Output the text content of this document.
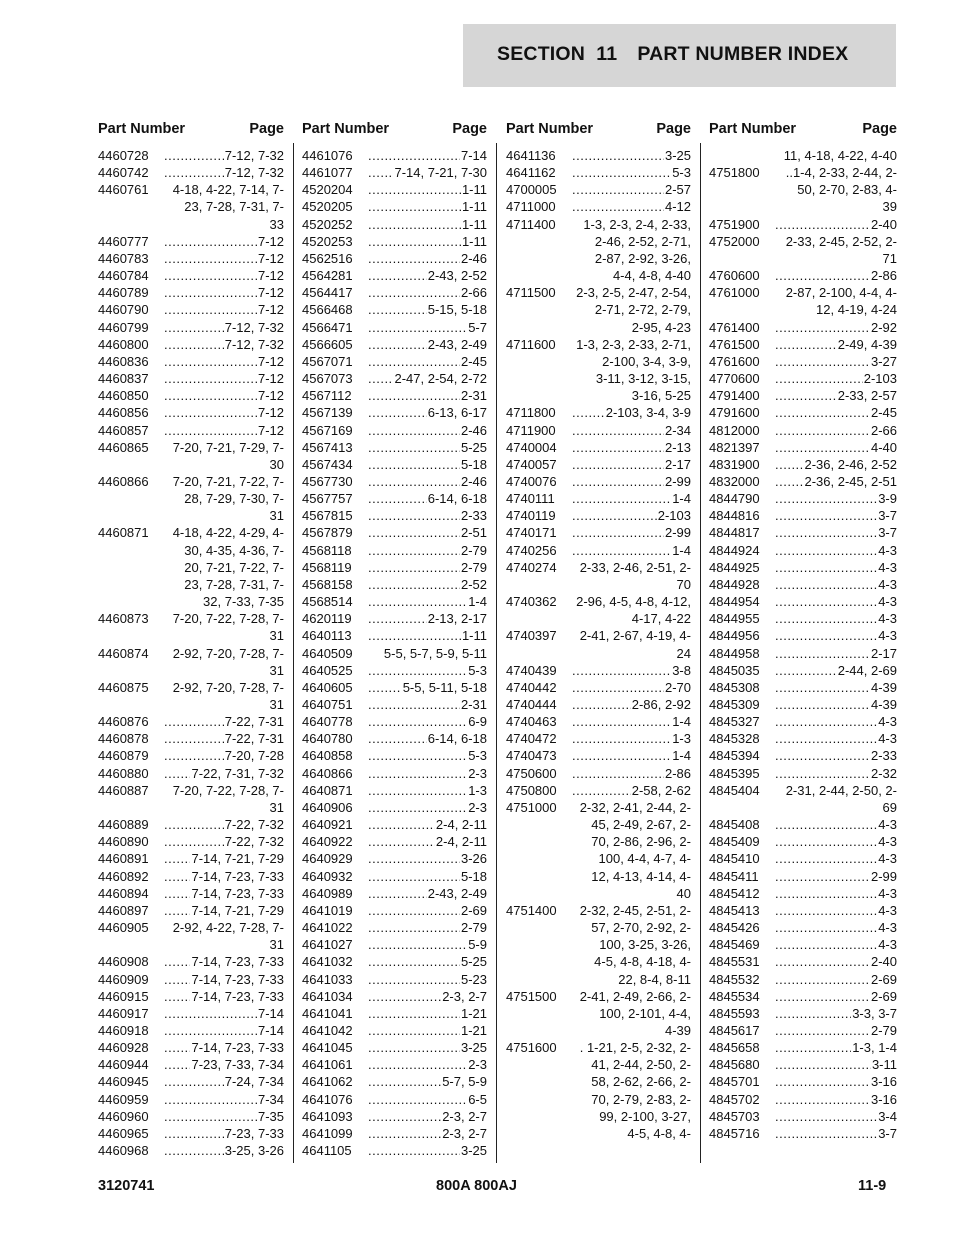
SECTION  11 PART NUMBER INDEX
Part Number	Page
4460728 .....	7-12, 7-32
4460742 .....	7-12, 7-32
4460761	4-18, 4-22, 7-14, 7-23, 7-28, 7-31, 7-33
4460777 .....	7-12
4460783 .....	7-12
4460784 .....	7-12
4460789 .....	7-12
4460790 .....	7-12
4460799 .....	7-12, 7-32
4460800 .....	7-12, 7-32
4460836 .....	7-12
4460837 .....	7-12
4460850 .....	7-12
4460856 .....	7-12
4460857 .....	7-12
4460865	7-20, 7-21, 7-29, 7-30
4460866	7-20, 7-21, 7-22, 7-28, 7-29, 7-30, 7-31
4460871	4-18, 4-22, 4-29, 4-30, 4-35, 4-36, 7-20, 7-21, 7-22, 7-23, 7-28, 7-31, 7-32, 7-33, 7-35
4460873	7-20, 7-22, 7-28, 7-31
4460874	2-92, 7-20, 7-28, 7-31
4460875	2-92, 7-20, 7-28, 7-31
4460876 .....	7-22, 7-31
4460878 .....	7-22, 7-31
4460879 .....	7-20, 7-28
4460880 .....	7-22, 7-31, 7-32
4460887	7-20, 7-22, 7-28, 7-31
4460889 .....	7-22, 7-32
4460890 .....	7-22, 7-32
4460891 .....	7-14, 7-21, 7-29
4460892 .....	7-14, 7-23, 7-33
4460894 .....	7-14, 7-23, 7-33
4460897 .....	7-14, 7-21, 7-29
4460905	2-92, 4-22, 7-28, 7-31
4460908 .....	7-14, 7-23, 7-33
4460909 .....	7-14, 7-23, 7-33
4460915 .....	7-14, 7-23, 7-33
4460917 .....	7-14
4460918 .....	7-14
4460928 .....	7-14, 7-23, 7-33
4460944 .....	7-23, 7-33, 7-34
4460945 .....	7-24, 7-34
4460959 .....	7-34
4460960 .....	7-35
4460965 .....	7-23, 7-33
4460968 .....	3-25, 3-26
Part Number	Page
4461076 .....	7-14
4461077 .....	7-14, 7-21, 7-30
4520204 .....	1-11
4520205 .....	1-11
4520252 .....	1-11
4520253 .....	1-11
4562516 .....	2-46
4564281 .....	2-43, 2-52
4564417 .....	2-66
4566468 .....	5-15, 5-18
4566471 .....	5-7
4566605 .....	2-43, 2-49
4567071 .....	2-45
4567073 .....	2-47, 2-54, 2-72
4567112 .....	2-31
4567139 .....	6-13, 6-17
4567169 .....	2-46
4567413 .....	5-25
4567434 .....	5-18
4567730 .....	2-46
4567757 .....	6-14, 6-18
4567815 .....	2-33
4567879 .....	2-51
4568118 .....	2-79
4568119 .....	2-79
4568158 .....	2-52
4568514 .....	1-4
4620119 .....	2-13, 2-17
4640113 .....	1-11
4640509	5-5, 5-7, 5-9, 5-11
4640525 .....	5-3
4640605 .....	5-5, 5-11, 5-18
4640751 .....	2-31
4640778 .....	6-9
4640780 .....	6-14, 6-18
4640858 .....	5-3
4640866 .....	2-3
4640871 .....	1-3
4640906 .....	2-3
4640921 .....	2-4, 2-11
4640922 .....	2-4, 2-11
4640929 .....	3-26
4640932 .....	5-18
4640989 .....	2-43, 2-49
4641019 .....	2-69
4641022 .....	2-79
4641027 .....	5-9
4641032 .....	5-25
4641033 .....	5-23
4641034 .....	2-3, 2-7
4641041 .....	1-21
4641042 .....	1-21
4641045 .....	3-25
4641061 .....	2-3
4641062 .....	5-7, 5-9
4641076 .....	6-5
4641093 .....	2-3, 2-7
4641099 .....	2-3, 2-7
4641105 .....	3-25
Part Number	Page
4641136 .....	3-25
4641162 .....	5-3
4700005 .....	2-57
4711000 .....	4-12
4711400	1-3, 2-3, 2-4, 2-33, 2-46, 2-52, 2-71, 2-87, 2-92, 3-26, 4-4, 4-8, 4-40
4711500	2-3, 2-5, 2-47, 2-54, 2-71, 2-72, 2-79, 2-95, 4-23
4711600	1-3, 2-3, 2-33, 2-71, 2-100, 3-4, 3-9, 3-11, 3-12, 3-15, 3-16, 5-25
4711800 .....	2-103, 3-4, 3-9
4711900 .....	2-34
4740004 .....	2-13
4740057 .....	2-17
4740076 .....	2-99
4740111 .....	1-4
4740119 .....	2-103
4740171 .....	2-99
4740256 .....	1-4
4740274	2-33, 2-46, 2-51, 2-70
4740362	2-96, 4-5, 4-8, 4-12, 4-17, 4-22
4740397	2-41, 2-67, 4-19, 4-24
4740439 .....	3-8
4740442 .....	2-70
4740444 .....	2-86, 2-92
4740463 .....	1-4
4740472 .....	1-3
4740473 .....	1-4
4750600 .....	2-86
4750800 .....	2-58, 2-62
4751000	2-32, 2-41, 2-44, 2-45, 2-49, 2-67, 2-70, 2-86, 2-96, 2-100, 4-4, 4-7, 4-12, 4-13, 4-14, 4-40
4751400	2-32, 2-45, 2-51, 2-57, 2-70, 2-92, 2-100, 3-25, 3-26, 4-5, 4-8, 4-18, 4-22, 8-4, 8-11
4751500	2-41, 2-49, 2-66, 2-100, 2-101, 4-4, 4-39
4751600	. 1-21, 2-5, 2-32, 2-41, 2-44, 2-50, 2-58, 2-62, 2-66, 2-70, 2-79, 2-83, 2-99, 2-100, 3-27, 4-5, 4-8, 4-
Part Number	Page
11, 4-18, 4-22, 4-40
4751800	..1-4, 2-33, 2-44, 2-50, 2-70, 2-83, 4-39
4751900 .....	2-40
4752000	2-33, 2-45, 2-52, 2-71
4760600 .....	2-86
4761000	2-87, 2-100, 4-4, 4-12, 4-19, 4-24
4761400 .....	2-92
4761500 .....	2-49, 4-39
4761600 .....	3-27
4770600 .....	2-103
4791400 .....	2-33, 2-57
4791600 .....	2-45
4812000 .....	2-66
4821397 .....	4-40
4831900 .....	2-36, 2-46, 2-52
4832000 .....	2-36, 2-45, 2-51
4844790 .....	3-9
4844816 .....	3-7
4844817 .....	3-7
4844924 .....	4-3
4844925 .....	4-3
4844928 .....	4-3
4844954 .....	4-3
4844955 .....	4-3
4844956 .....	4-3
4844958 .....	2-17
4845035 .....	2-44, 2-69
4845308 .....	4-39
4845309 .....	4-39
4845327 .....	4-3
4845328 .....	4-3
4845394 .....	2-33
4845395 .....	2-32
4845404	2-31, 2-44, 2-50, 2-69
4845408 .....	4-3
4845409 .....	4-3
4845410 .....	4-3
4845411 .....	2-99
4845412 .....	4-3
4845413 .....	4-3
4845426 .....	4-3
4845469 .....	4-3
4845531 .....	2-40
4845532 .....	2-69
4845534 .....	2-69
4845593 .....	3-3, 3-7
4845617 .....	2-79
4845658 .....	1-3, 1-4
4845680 .....	3-11
4845701 .....	3-16
4845702 .....	3-16
4845703 .....	3-4
4845716 .....	3-7
3120741	800A 800AJ	11-9
